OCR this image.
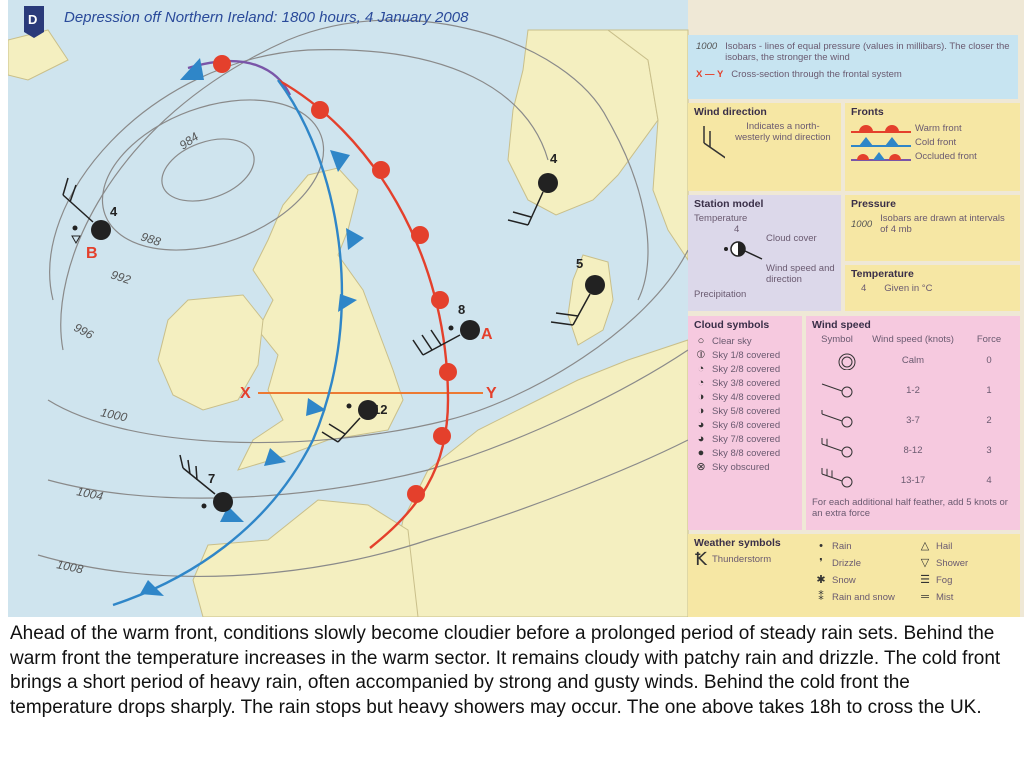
984
988
992
996
1000
1004
1008
4
4
5
8
12
7
B
A
X	Y
D Depression off Northern Ireland: 1800 hours, 4 January 2008
1000 Isobars - lines of equal pressure (values in millibars). The closer the isobars, the stronger the wind
X — Y Cross-section through the frontal system
Wind direction
Indicates a north-westerly wind direction
Fronts
Warm front
Cold front
Occluded front
Station model
Temperature
4
Cloud cover
Wind speed and direction
Precipitation
Pressure
1000 Isobars are drawn at intervals of 4 mb
Temperature
4 Given in °C
Cloud symbols
○ Clear sky
⦶ Sky 1/8 covered
◔ Sky 2/8 covered
◔ Sky 3/8 covered
◑ Sky 4/8 covered
◑ Sky 5/8 covered
◕ Sky 6/8 covered
◕ Sky 7/8 covered
● Sky 8/8 covered
⊗ Sky obscured
Wind speed
Symbol	Wind speed (knots)	Force
Calm	0
1-2	1
3-7	2
8-12	3
13-17	4
For each additional half feather, add 5 knots or an extra force
Weather symbols
Ꝁ Thunderstorm
• Rain	△ Hail
❜ Drizzle	▽ Shower
✱ Snow	☰ Fog
⁑ Rain and snow ═ Mist
Ahead of the warm front, conditions slowly become cloudier before a prolonged period of steady rain sets. Behind the warm front the temperature increases in the warm sector. It remains cloudy with patchy rain and drizzle. The cold front brings a short period of heavy rain, often accompanied by strong and gusty winds. Behind the cold front the temperature drops sharply. The rain stops but heavy showers may occur. The one above takes 18h to cross the UK.
